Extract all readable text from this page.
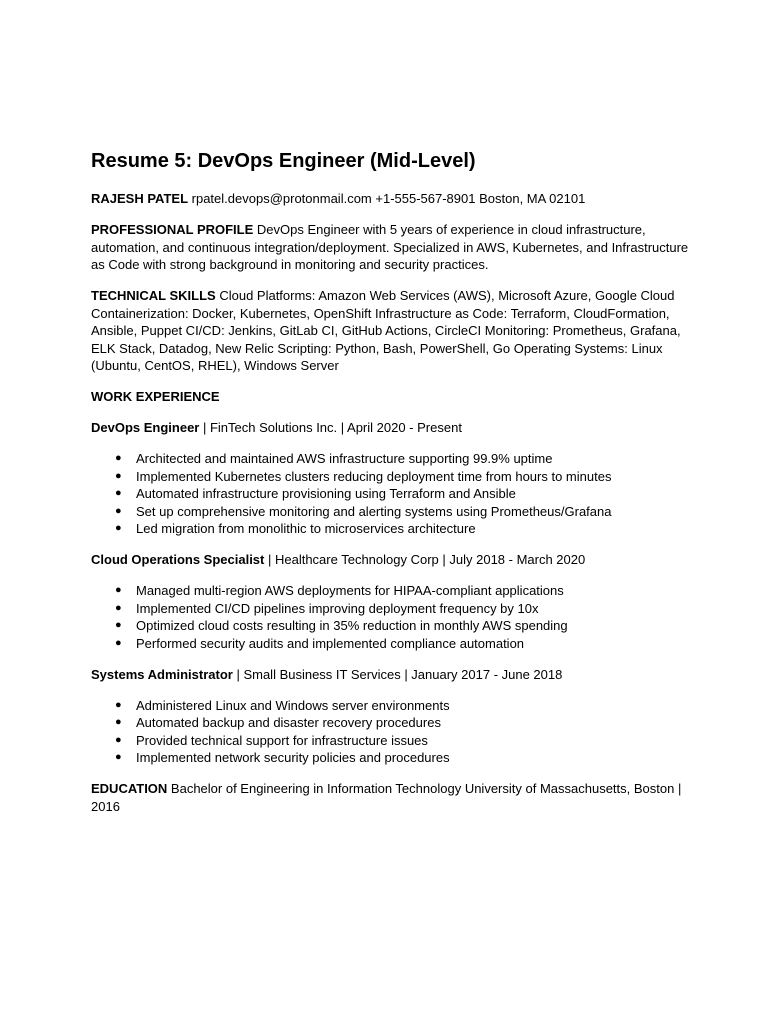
Resume 5: DevOps Engineer (Mid-Level)

RAJESH PATEL rpatel.devops@protonmail.com +1-555-567-8901 Boston, MA 02101

PROFESSIONAL PROFILE DevOps Engineer with 5 years of experience in cloud infrastructure, automation, and continuous integration/deployment. Specialized in AWS, Kubernetes, and Infrastructure as Code with strong background in monitoring and security practices.

TECHNICAL SKILLS Cloud Platforms: Amazon Web Services (AWS), Microsoft Azure, Google Cloud Containerization: Docker, Kubernetes, OpenShift Infrastructure as Code: Terraform, CloudFormation, Ansible, Puppet CI/CD: Jenkins, GitLab CI, GitHub Actions, CircleCI Monitoring: Prometheus, Grafana, ELK Stack, Datadog, New Relic Scripting: Python, Bash, PowerShell, Go Operating Systems: Linux (Ubuntu, CentOS, RHEL), Windows Server

WORK EXPERIENCE

DevOps Engineer | FinTech Solutions Inc. | April 2020 - Present

● Architected and maintained AWS infrastructure supporting 99.9% uptime
● Implemented Kubernetes clusters reducing deployment time from hours to minutes
● Automated infrastructure provisioning using Terraform and Ansible
● Set up comprehensive monitoring and alerting systems using Prometheus/Grafana
● Led migration from monolithic to microservices architecture

Cloud Operations Specialist | Healthcare Technology Corp | July 2018 - March 2020

● Managed multi-region AWS deployments for HIPAA-compliant applications
● Implemented CI/CD pipelines improving deployment frequency by 10x
● Optimized cloud costs resulting in 35% reduction in monthly AWS spending
● Performed security audits and implemented compliance automation

Systems Administrator | Small Business IT Services | January 2017 - June 2018

● Administered Linux and Windows server environments
● Automated backup and disaster recovery procedures
● Provided technical support for infrastructure issues
● Implemented network security policies and procedures

EDUCATION Bachelor of Engineering in Information Technology University of Massachusetts, Boston | 2016
